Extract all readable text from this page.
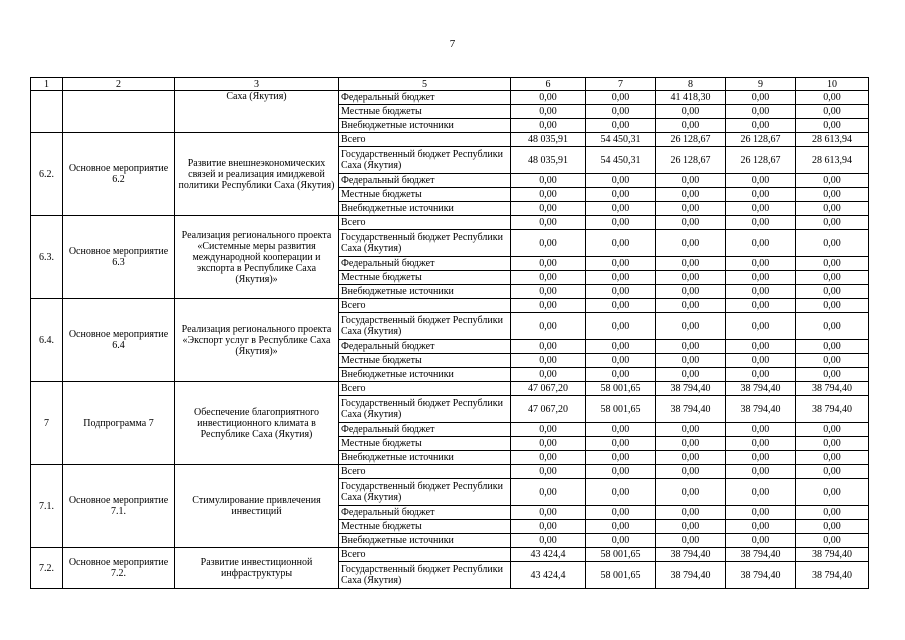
7
1	2	3	5	6	7	8	9	10
		Саха (Якутия)	Федеральный бюджет	0,00	0,00	41 418,30	0,00	0,00
			Местные бюджеты	0,00	0,00	0,00	0,00	0,00
			Внебюджетные источники	0,00	0,00	0,00	0,00	0,00
6.2.	Основное мероприятие 6.2	Развитие внешнеэкономических связей и реализация имиджевой политики Республики Саха (Якутия)	Всего	48 035,91	54 450,31	26 128,67	26 128,67	28 613,94
			Государственный бюджет Республики Саха (Якутия)	48 035,91	54 450,31	26 128,67	26 128,67	28 613,94
			Федеральный бюджет	0,00	0,00	0,00	0,00	0,00
			Местные бюджеты	0,00	0,00	0,00	0,00	0,00
			Внебюджетные источники	0,00	0,00	0,00	0,00	0,00
6.3.	Основное мероприятие 6.3	Реализация регионального проекта «Системные меры развития международной кооперации и экспорта в Республике Саха (Якутия)»	Всего	0,00	0,00	0,00	0,00	0,00
			Государственный бюджет Республики Саха (Якутия)	0,00	0,00	0,00	0,00	0,00
			Федеральный бюджет	0,00	0,00	0,00	0,00	0,00
			Местные бюджеты	0,00	0,00	0,00	0,00	0,00
			Внебюджетные источники	0,00	0,00	0,00	0,00	0,00
6.4.	Основное мероприятие 6.4	Реализация регионального проекта «Экспорт услуг в Республике Саха (Якутия)»	Всего	0,00	0,00	0,00	0,00	0,00
			Государственный бюджет Республики Саха (Якутия)	0,00	0,00	0,00	0,00	0,00
			Федеральный бюджет	0,00	0,00	0,00	0,00	0,00
			Местные бюджеты	0,00	0,00	0,00	0,00	0,00
			Внебюджетные источники	0,00	0,00	0,00	0,00	0,00
7	Подпрограмма 7	Обеспечение благоприятного инвестиционного климата в Республике Саха (Якутия)	Всего	47 067,20	58 001,65	38 794,40	38 794,40	38 794,40
			Государственный бюджет Республики Саха (Якутия)	47 067,20	58 001,65	38 794,40	38 794,40	38 794,40
			Федеральный бюджет	0,00	0,00	0,00	0,00	0,00
			Местные бюджеты	0,00	0,00	0,00	0,00	0,00
			Внебюджетные источники	0,00	0,00	0,00	0,00	0,00
7.1.	Основное мероприятие 7.1.	Стимулирование привлечения инвестиций	Всего	0,00	0,00	0,00	0,00	0,00
			Государственный бюджет Республики Саха (Якутия)	0,00	0,00	0,00	0,00	0,00
			Федеральный бюджет	0,00	0,00	0,00	0,00	0,00
			Местные бюджеты	0,00	0,00	0,00	0,00	0,00
			Внебюджетные источники	0,00	0,00	0,00	0,00	0,00
7.2.	Основное мероприятие 7.2.	Развитие инвестиционной инфраструктуры	Всего	43 424,4	58 001,65	38 794,40	38 794,40	38 794,40
			Государственный бюджет Республики Саха (Якутия)	43 424,4	58 001,65	38 794,40	38 794,40	38 794,40
